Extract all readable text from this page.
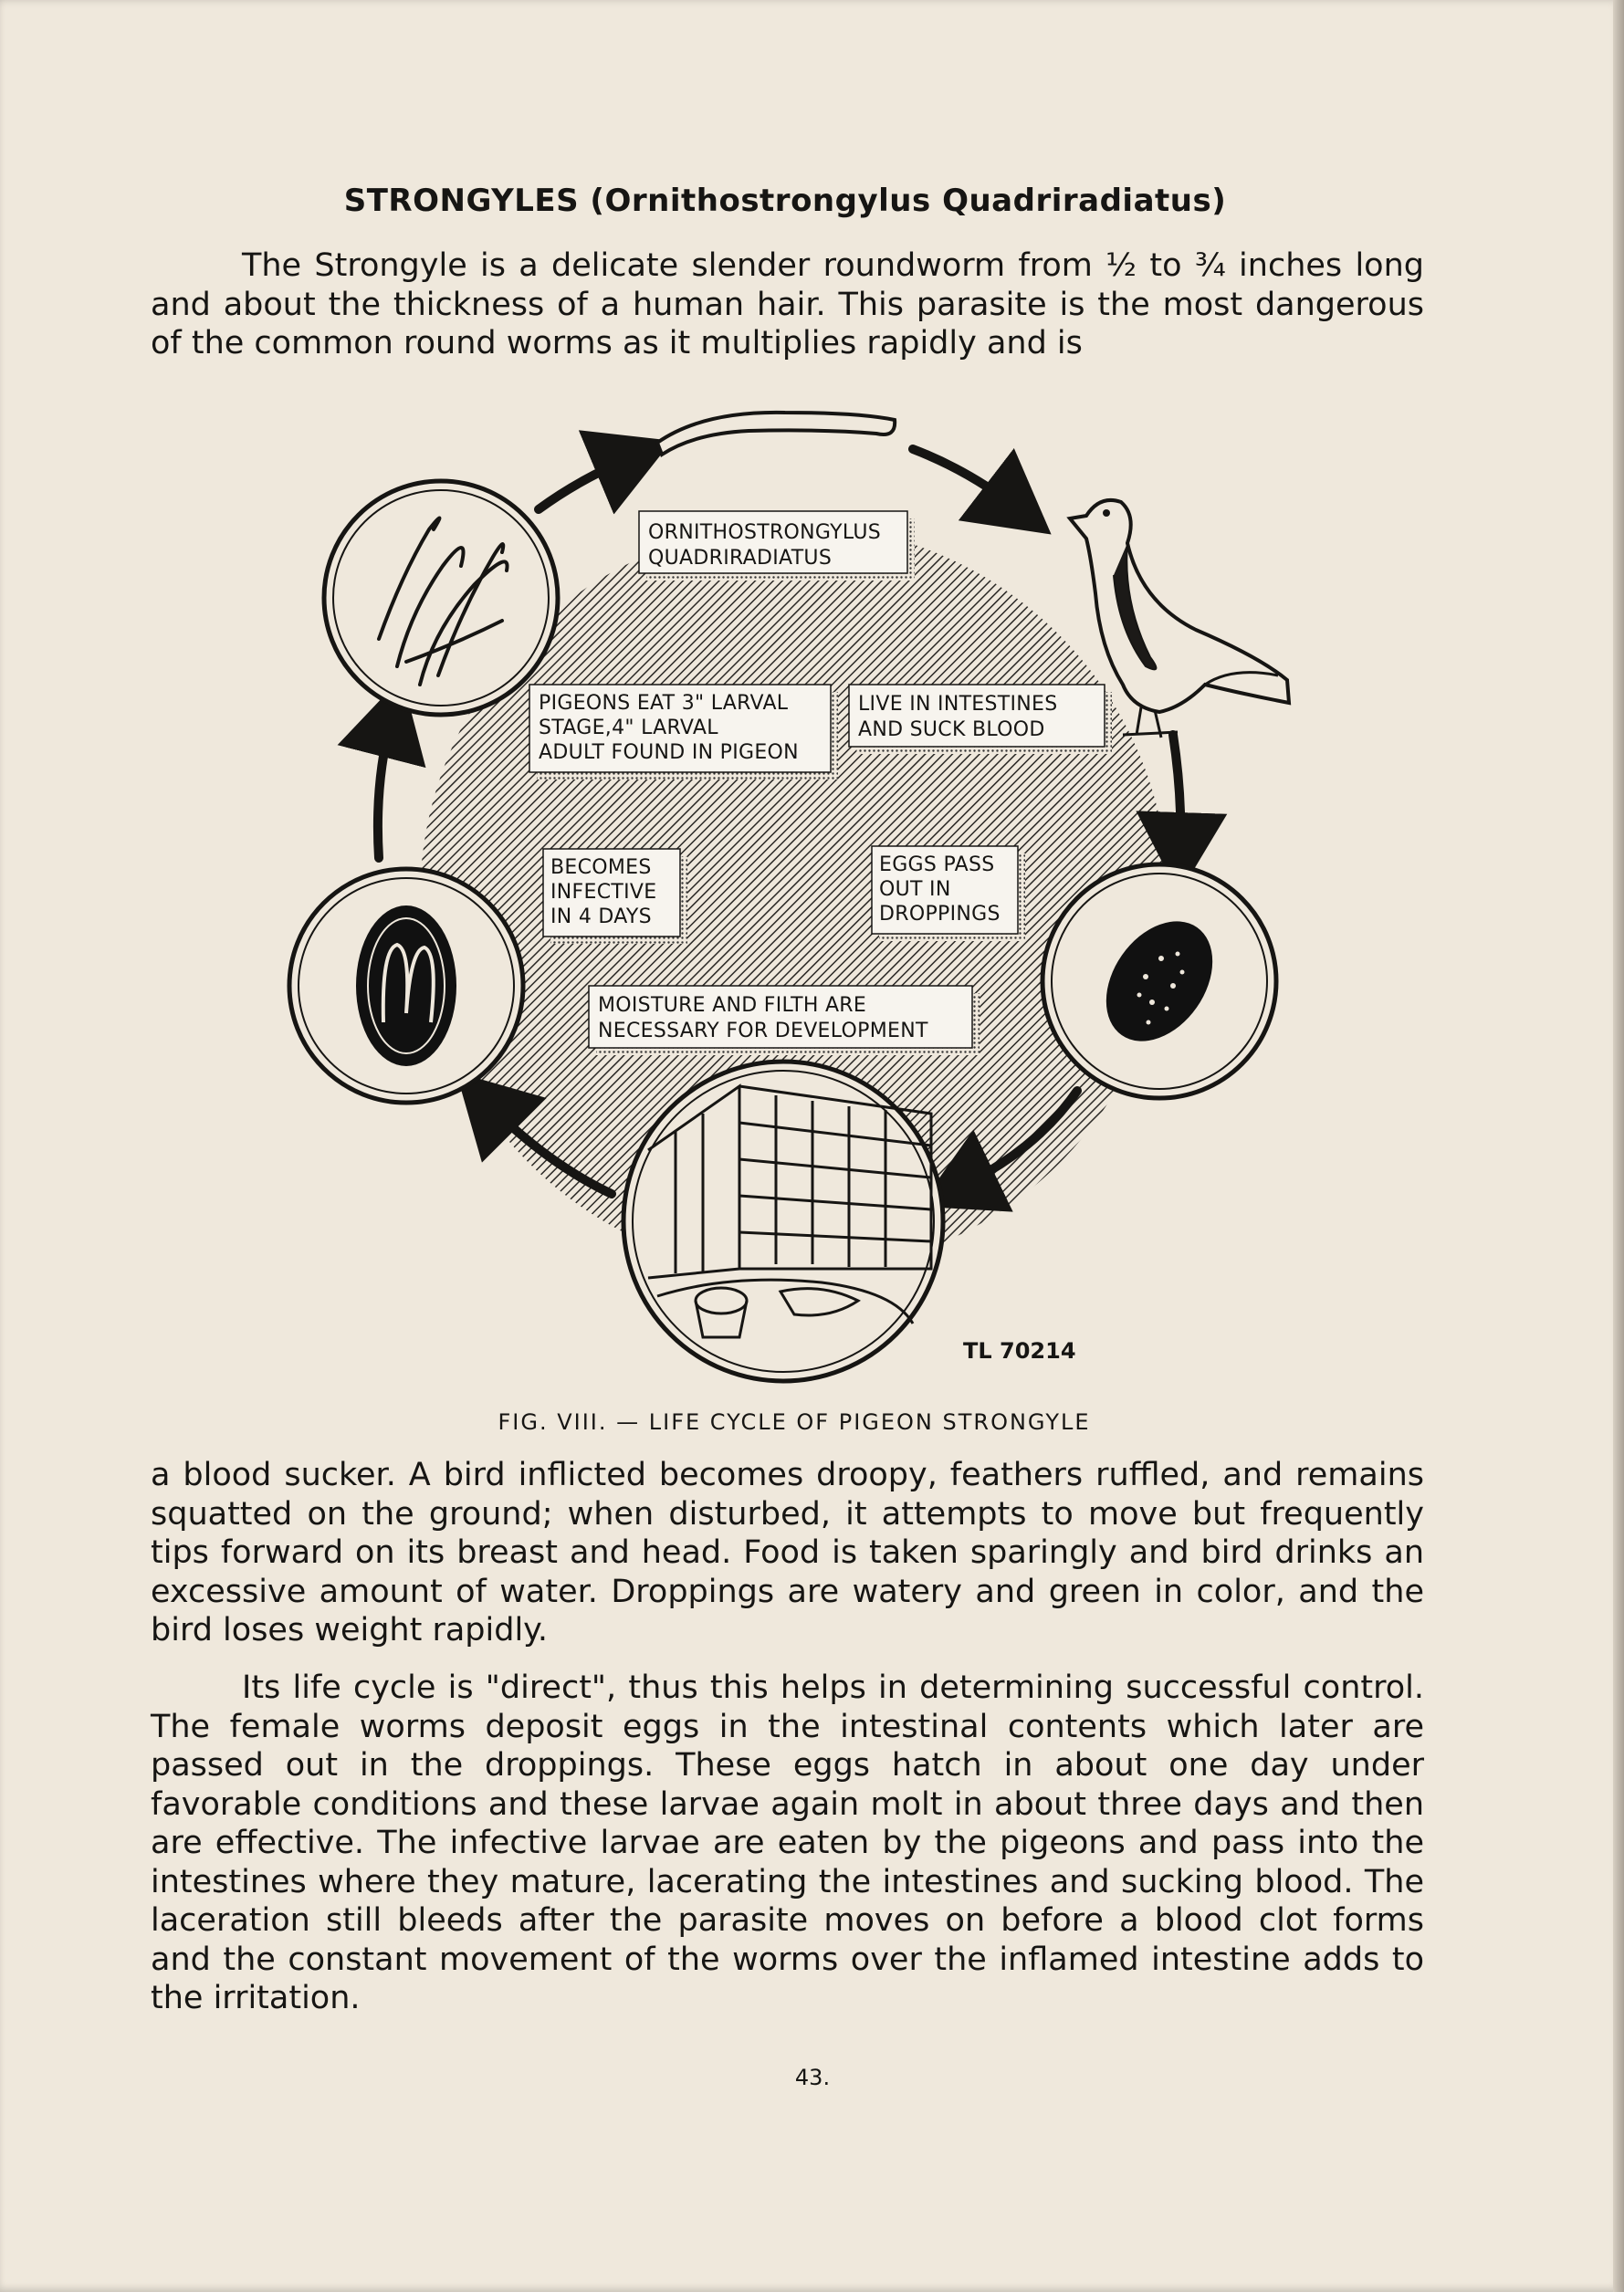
STRONGYLES (Ornithostrongylus Quadriradiatus)

The Strongyle is a delicate slender roundworm from ½ to ¾ inches long and about the thickness of a human hair. This parasite is the most dangerous of the common round worms as it multiplies rapidly and is

ORNITHOSTRONGYLUS
QUADRIRADIATUS
PIGEONS EAT 3" LARVAL
STAGE,4" LARVAL
ADULT FOUND IN PIGEON
LIVE IN INTESTINES
AND SUCK BLOOD
BECOMES
INFECTIVE
IN 4 DAYS
EGGS PASS
OUT IN
DROPPINGS
MOISTURE AND FILTH ARE
NECESSARY FOR DEVELOPMENT
TL 70214
FIG. VIII. — LIFE CYCLE OF PIGEON STRONGYLE

a blood sucker. A bird inflicted becomes droopy, feathers ruffled, and remains squatted on the ground; when disturbed, it attempts to move but frequently tips forward on its breast and head. Food is taken sparingly and bird drinks an excessive amount of water. Droppings are watery and green in color, and the bird loses weight rapidly.

Its life cycle is "direct", thus this helps in determining successful control. The female worms deposit eggs in the intestinal contents which later are passed out in the droppings. These eggs hatch in about one day under favorable conditions and these larvae again molt in about three days and then are effective. The infective larvae are eaten by the pigeons and pass into the intestines where they mature, lacerating the intestines and sucking blood. The laceration still bleeds after the parasite moves on before a blood clot forms and the constant movement of the worms over the inflamed intestine adds to the irritation.

43.
